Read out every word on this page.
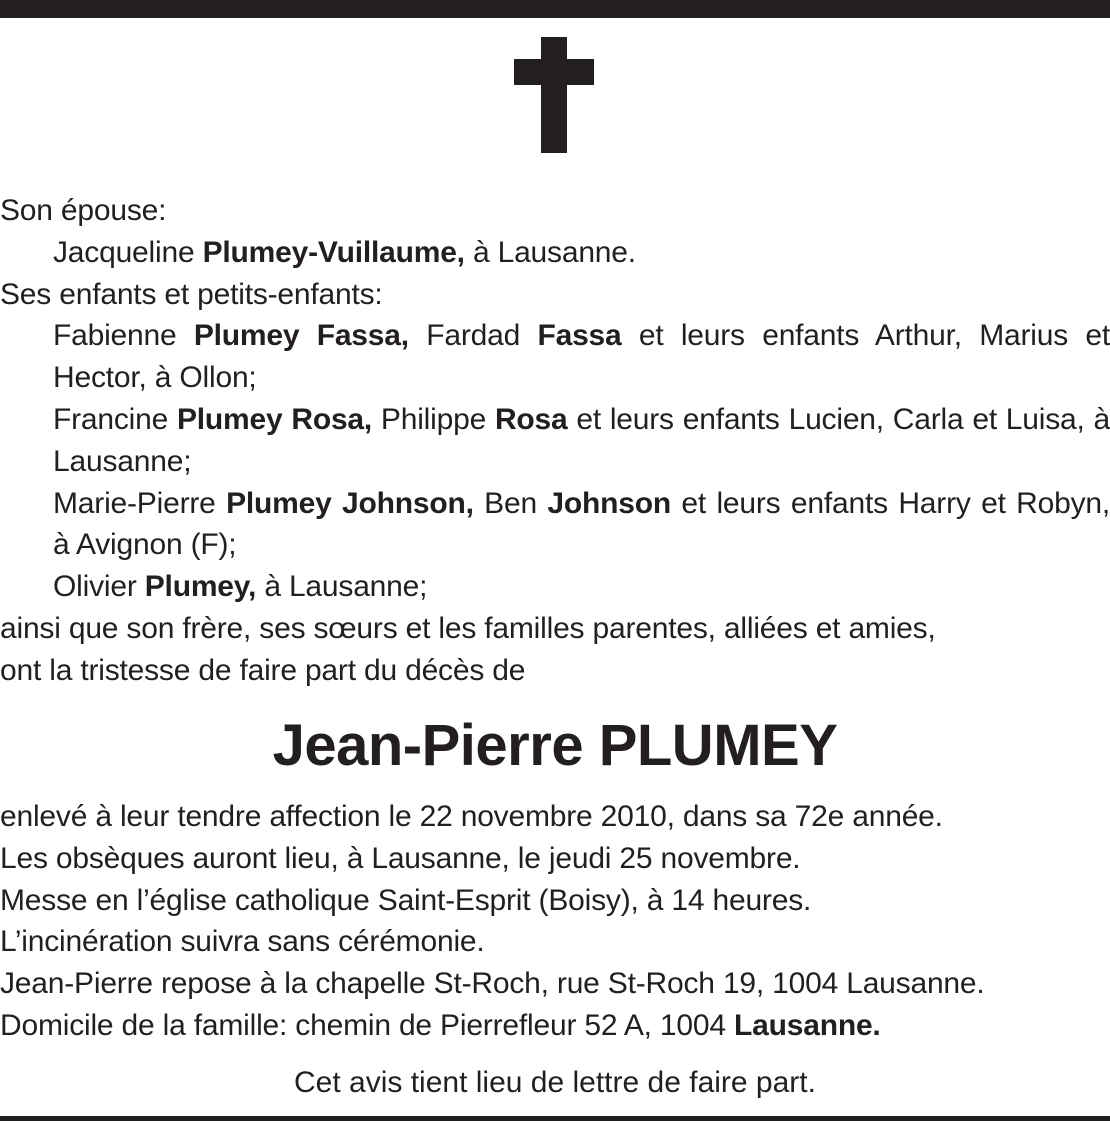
Son épouse:
Jacqueline Plumey-Vuillaume, à Lausanne.
Ses enfants et petits-enfants:
Fabienne Plumey Fassa, Fardad Fassa et leurs enfants Arthur, Marius et Hector, à Ollon;
Francine Plumey Rosa, Philippe Rosa et leurs enfants Lucien, Carla et Luisa, à Lausanne;
Marie-Pierre Plumey Johnson, Ben Johnson et leurs enfants Harry et Robyn, à Avignon (F);
Olivier Plumey, à Lausanne;
ainsi que son frère, ses sœurs et les familles parentes, alliées et amies,
ont la tristesse de faire part du décès de
Jean-Pierre PLUMEY
enlevé à leur tendre affection le 22 novembre 2010, dans sa 72e année.
Les obsèques auront lieu, à Lausanne, le jeudi 25 novembre.
Messe en l’église catholique Saint-Esprit (Boisy), à 14 heures.
L’incinération suivra sans cérémonie.
Jean-Pierre repose à la chapelle St-Roch, rue St-Roch 19, 1004 Lausanne.
Domicile de la famille: chemin de Pierrefleur 52 A, 1004 Lausanne.
Cet avis tient lieu de lettre de faire part.
